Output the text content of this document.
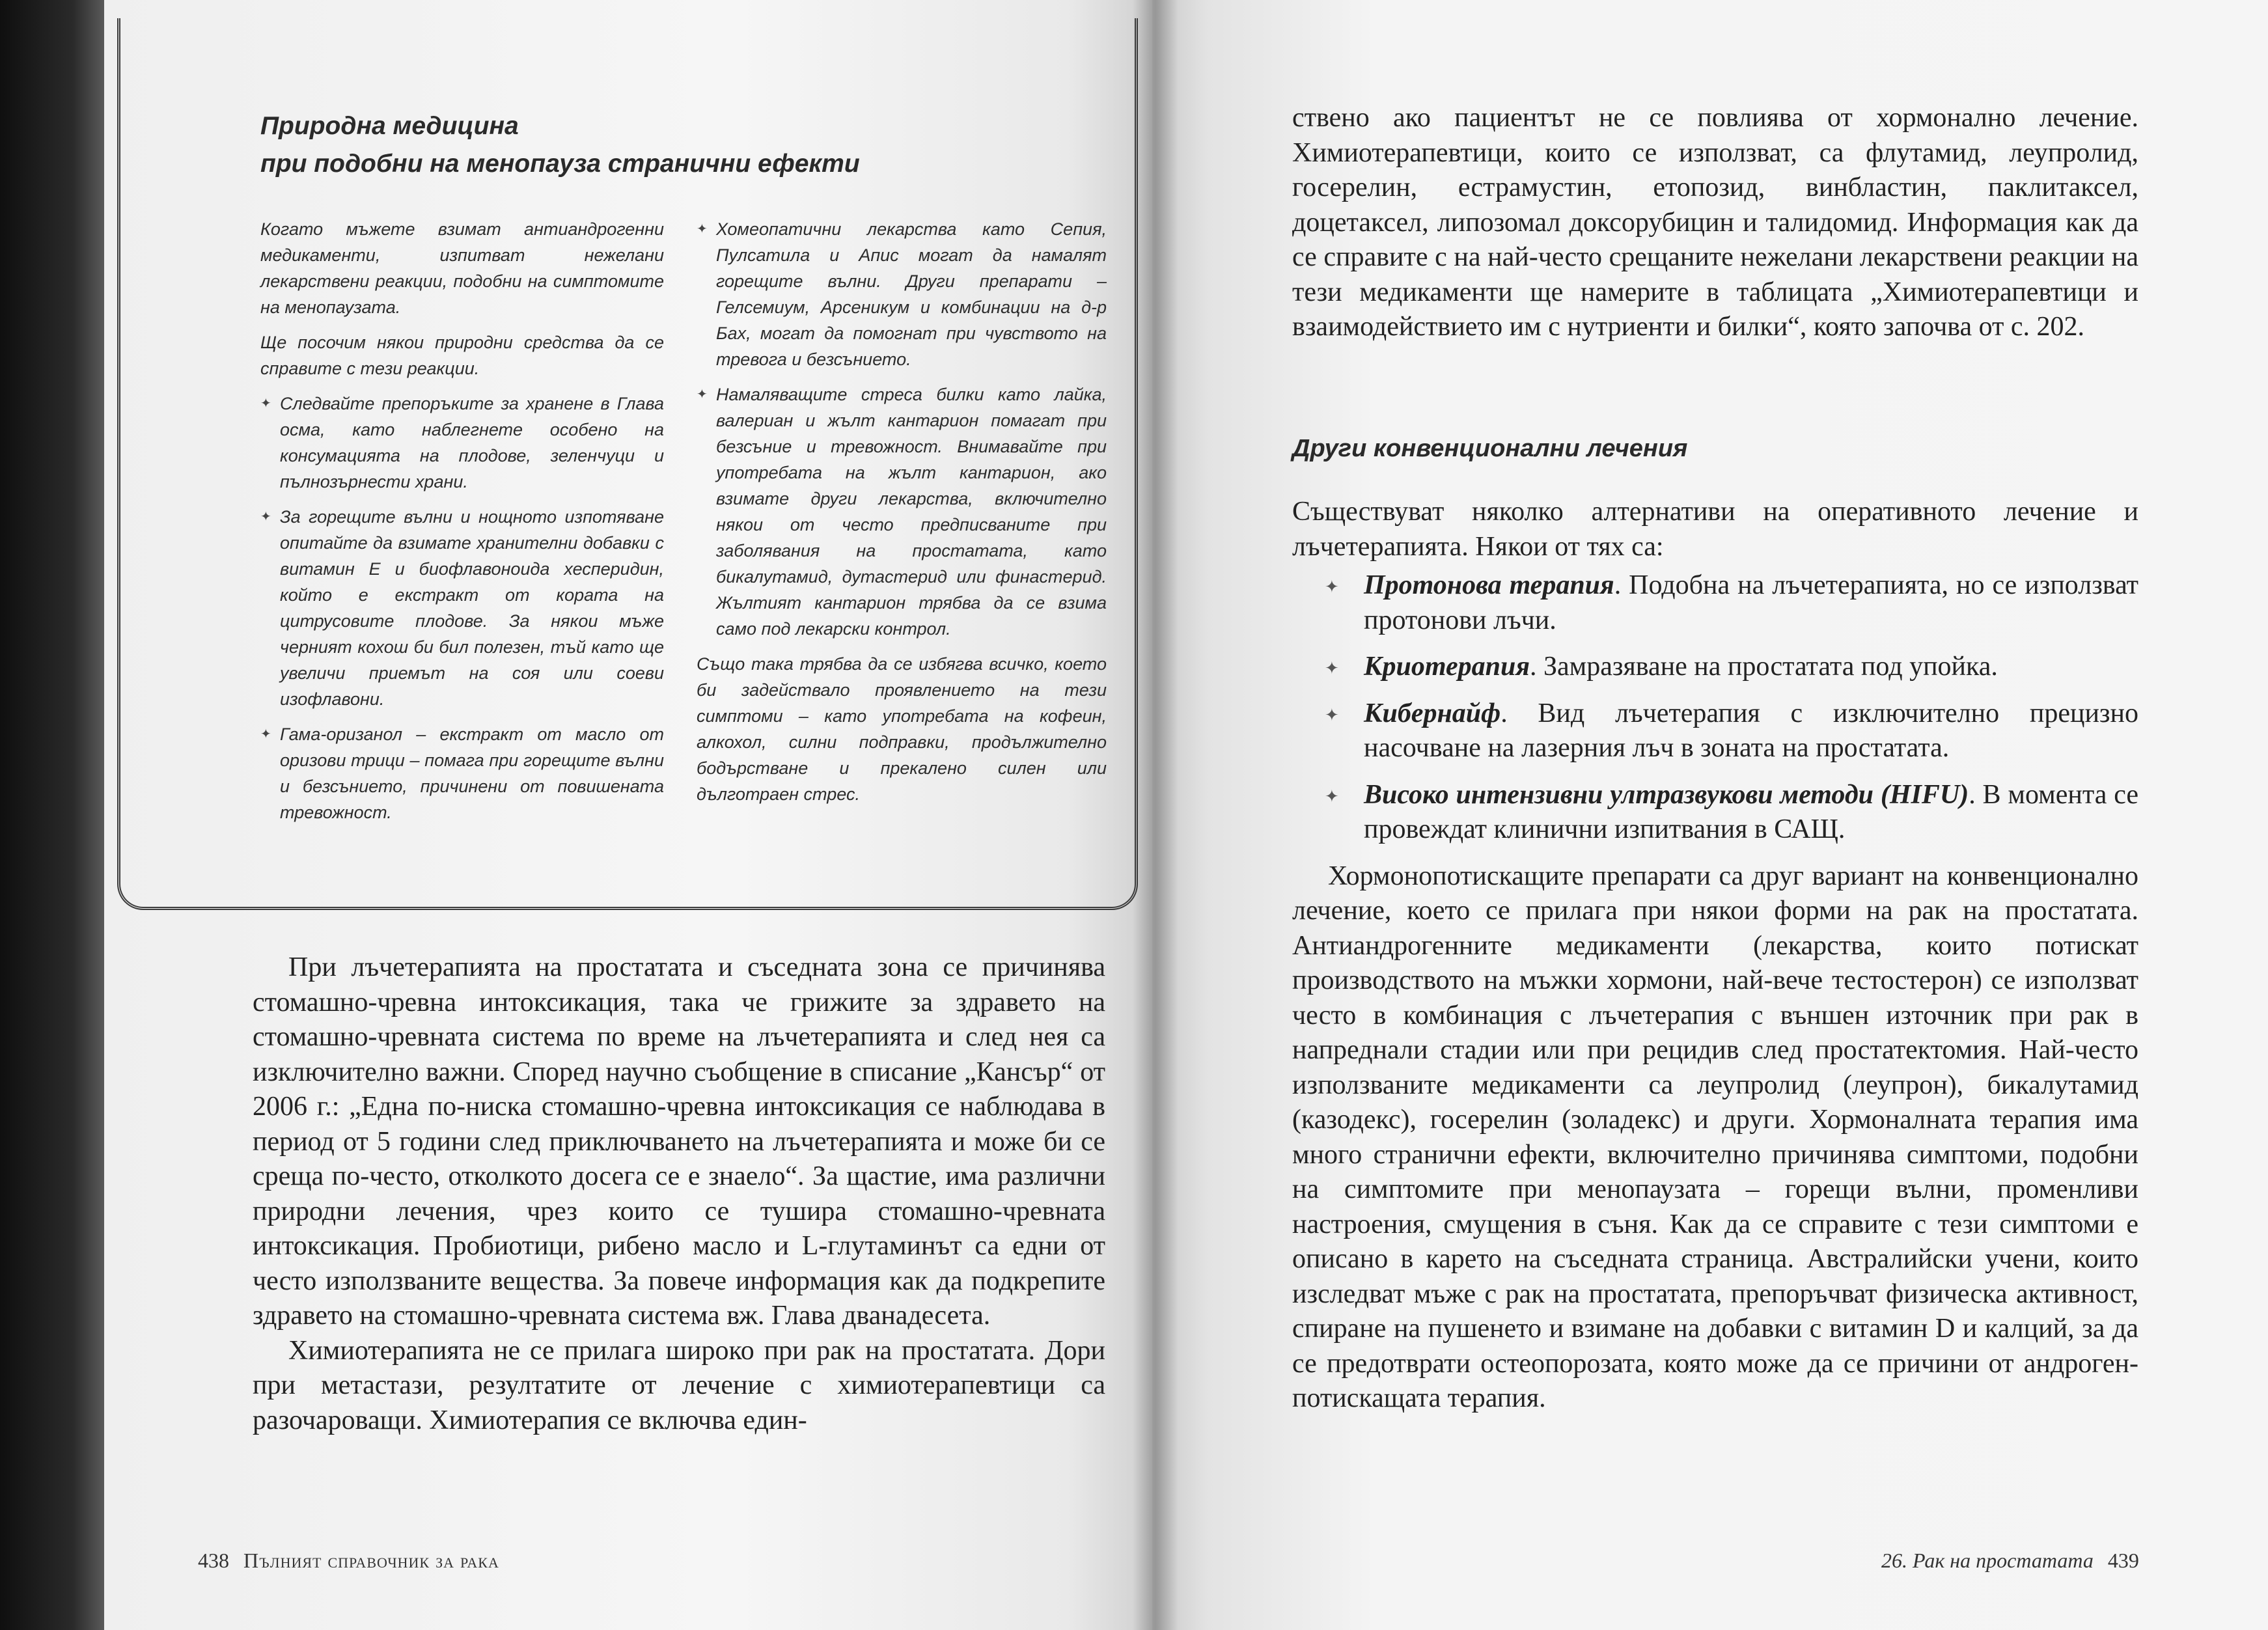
Природна медицина
при подобни на менопауза странични ефекти

Когато мъжете взимат антиандрогенни медикаменти, изпитват нежелани лекарствени реакции, подобни на симптомите на менопаузата.

Ще посочим някои природни средства да се справите с тези реакции.

✦ Следвайте препоръките за хранене в Глава осма, като наблегнете особено на консумацията на плодове, зеленчуци и пълнозърнести храни.
✦ За горещите вълни и нощното изпотяване опитайте да взимате хранителни добавки с витамин Е и биофлавоноида хесперидин, който е екстракт от кората на цитрусовите плодове. За някои мъже черният кохош би бил полезен, тъй като ще увеличи приемът на соя или соеви изофлавони.
✦ Гама-оризанол – екстракт от масло от оризови трици – помага при горещите вълни и безсънието, причинени от повишената тревожност.
✦ Хомеопатични лекарства като Сепия, Пулсатила и Апис могат да намалят горещите вълни. Други препарати – Гелсемиум, Арсеникум и комбинации на д-р Бах, могат да помогнат при чувството на тревога и безсънието.
✦ Намаляващите стреса билки като лайка, валериан и жълт кантарион помагат при безсъние и тревожност. Внимавайте при употребата на жълт кантарион, ако взимате други лекарства, включително някои от често предписваните при заболявания на простатата, като бикалутамид, дутастерид или финастерид. Жълтият кантарион трябва да се взима само под лекарски контрол.

Също така трябва да се избягва всичко, което би задействало проявлението на тези симптоми – като употребата на кофеин, алкохол, силни подправки, продължително бодърстване и прекалено силен или дълготраен стрес.

При лъчетерапията на простатата и съседната зона се причинява стомашно-чревна интоксикация, така че грижите за здравето на стомашно-чревната система по време на лъчетерапията и след нея са изключително важни. Според научно съобщение в списание „Кансър“ от 2006 г.: „Една по-ниска стомашно-чревна интоксикация се наблюдава в период от 5 години след приключването на лъчетерапията и може би се среща по-често, отколкото досега се е знаело“. За щастие, има различни природни лечения, чрез които се тушира стомашно-чревната интоксикация. Пробиотици, рибено масло и L-глутаминът са едни от често използваните вещества. За повече информация как да подкрепите здравето на стомашно-чревната система вж. Глава дванадесета.

Химиотерапията не се прилага широко при рак на простатата. Дори при метастази, резултатите от лечение с химиотерапевтици са разочароващи. Химиотерапия се включва един-

438 Пълният справочник за рака

ствено ако пациентът не се повлиява от хормонално лечение. Химиотерапевтици, които се използват, са флутамид, леупролид, госерелин, естрамустин, етопозид, винбластин, паклитаксел, доцетаксел, липозомал доксорубицин и талидомид. Информация как да се справите с на най-често срещаните нежелани лекарствени реакции на тези медикаменти ще намерите в таблицата „Химиотерапевтици и взаимодействието им с нутриенти и билки“, която започва от с. 202.

Други конвенционални лечения

Съществуват няколко алтернативи на оперативното лечение и лъчетерапията. Някои от тях са:

✦ Протонова терапия. Подобна на лъчетерапията, но се използват протонови лъчи.
✦ Криотерапия. Замразяване на простатата под упойка.
✦ Кибернайф. Вид лъчетерапия с изключително прецизно насочване на лазерния лъч в зоната на простатата.
✦ Високо интензивни ултразвукови методи (HIFU). В момента се провеждат клинични изпитвания в САЩ.

Хормонопотискащите препарати са друг вариант на конвенционално лечение, което се прилага при някои форми на рак на простатата. Антиандрогенните медикаменти (лекарства, които потискат производството на мъжки хормони, най-вече тестостерон) се използват често в комбинация с лъчетерапия с външен източник при рак в напреднали стадии или при рецидив след простатектомия. Най-често използваните медикаменти са леупролид (леупрон), бикалутамид (казодекс), госерелин (золадекс) и други. Хормоналната терапия има много странични ефекти, включително причинява симптоми, подобни на симптомите при менопаузата – горещи вълни, променливи настроения, смущения в съня. Как да се справите с тези симптоми е описано в карето на съседната страница. Австралийски учени, които изследват мъже с рак на простатата, препоръчват физическа активност, спиране на пушенето и взимане на добавки с витамин D и калций, за да се предотврати остеопорозата, която може да се причини от андроген-потискащата терапия.

26. Рак на простатата 439
